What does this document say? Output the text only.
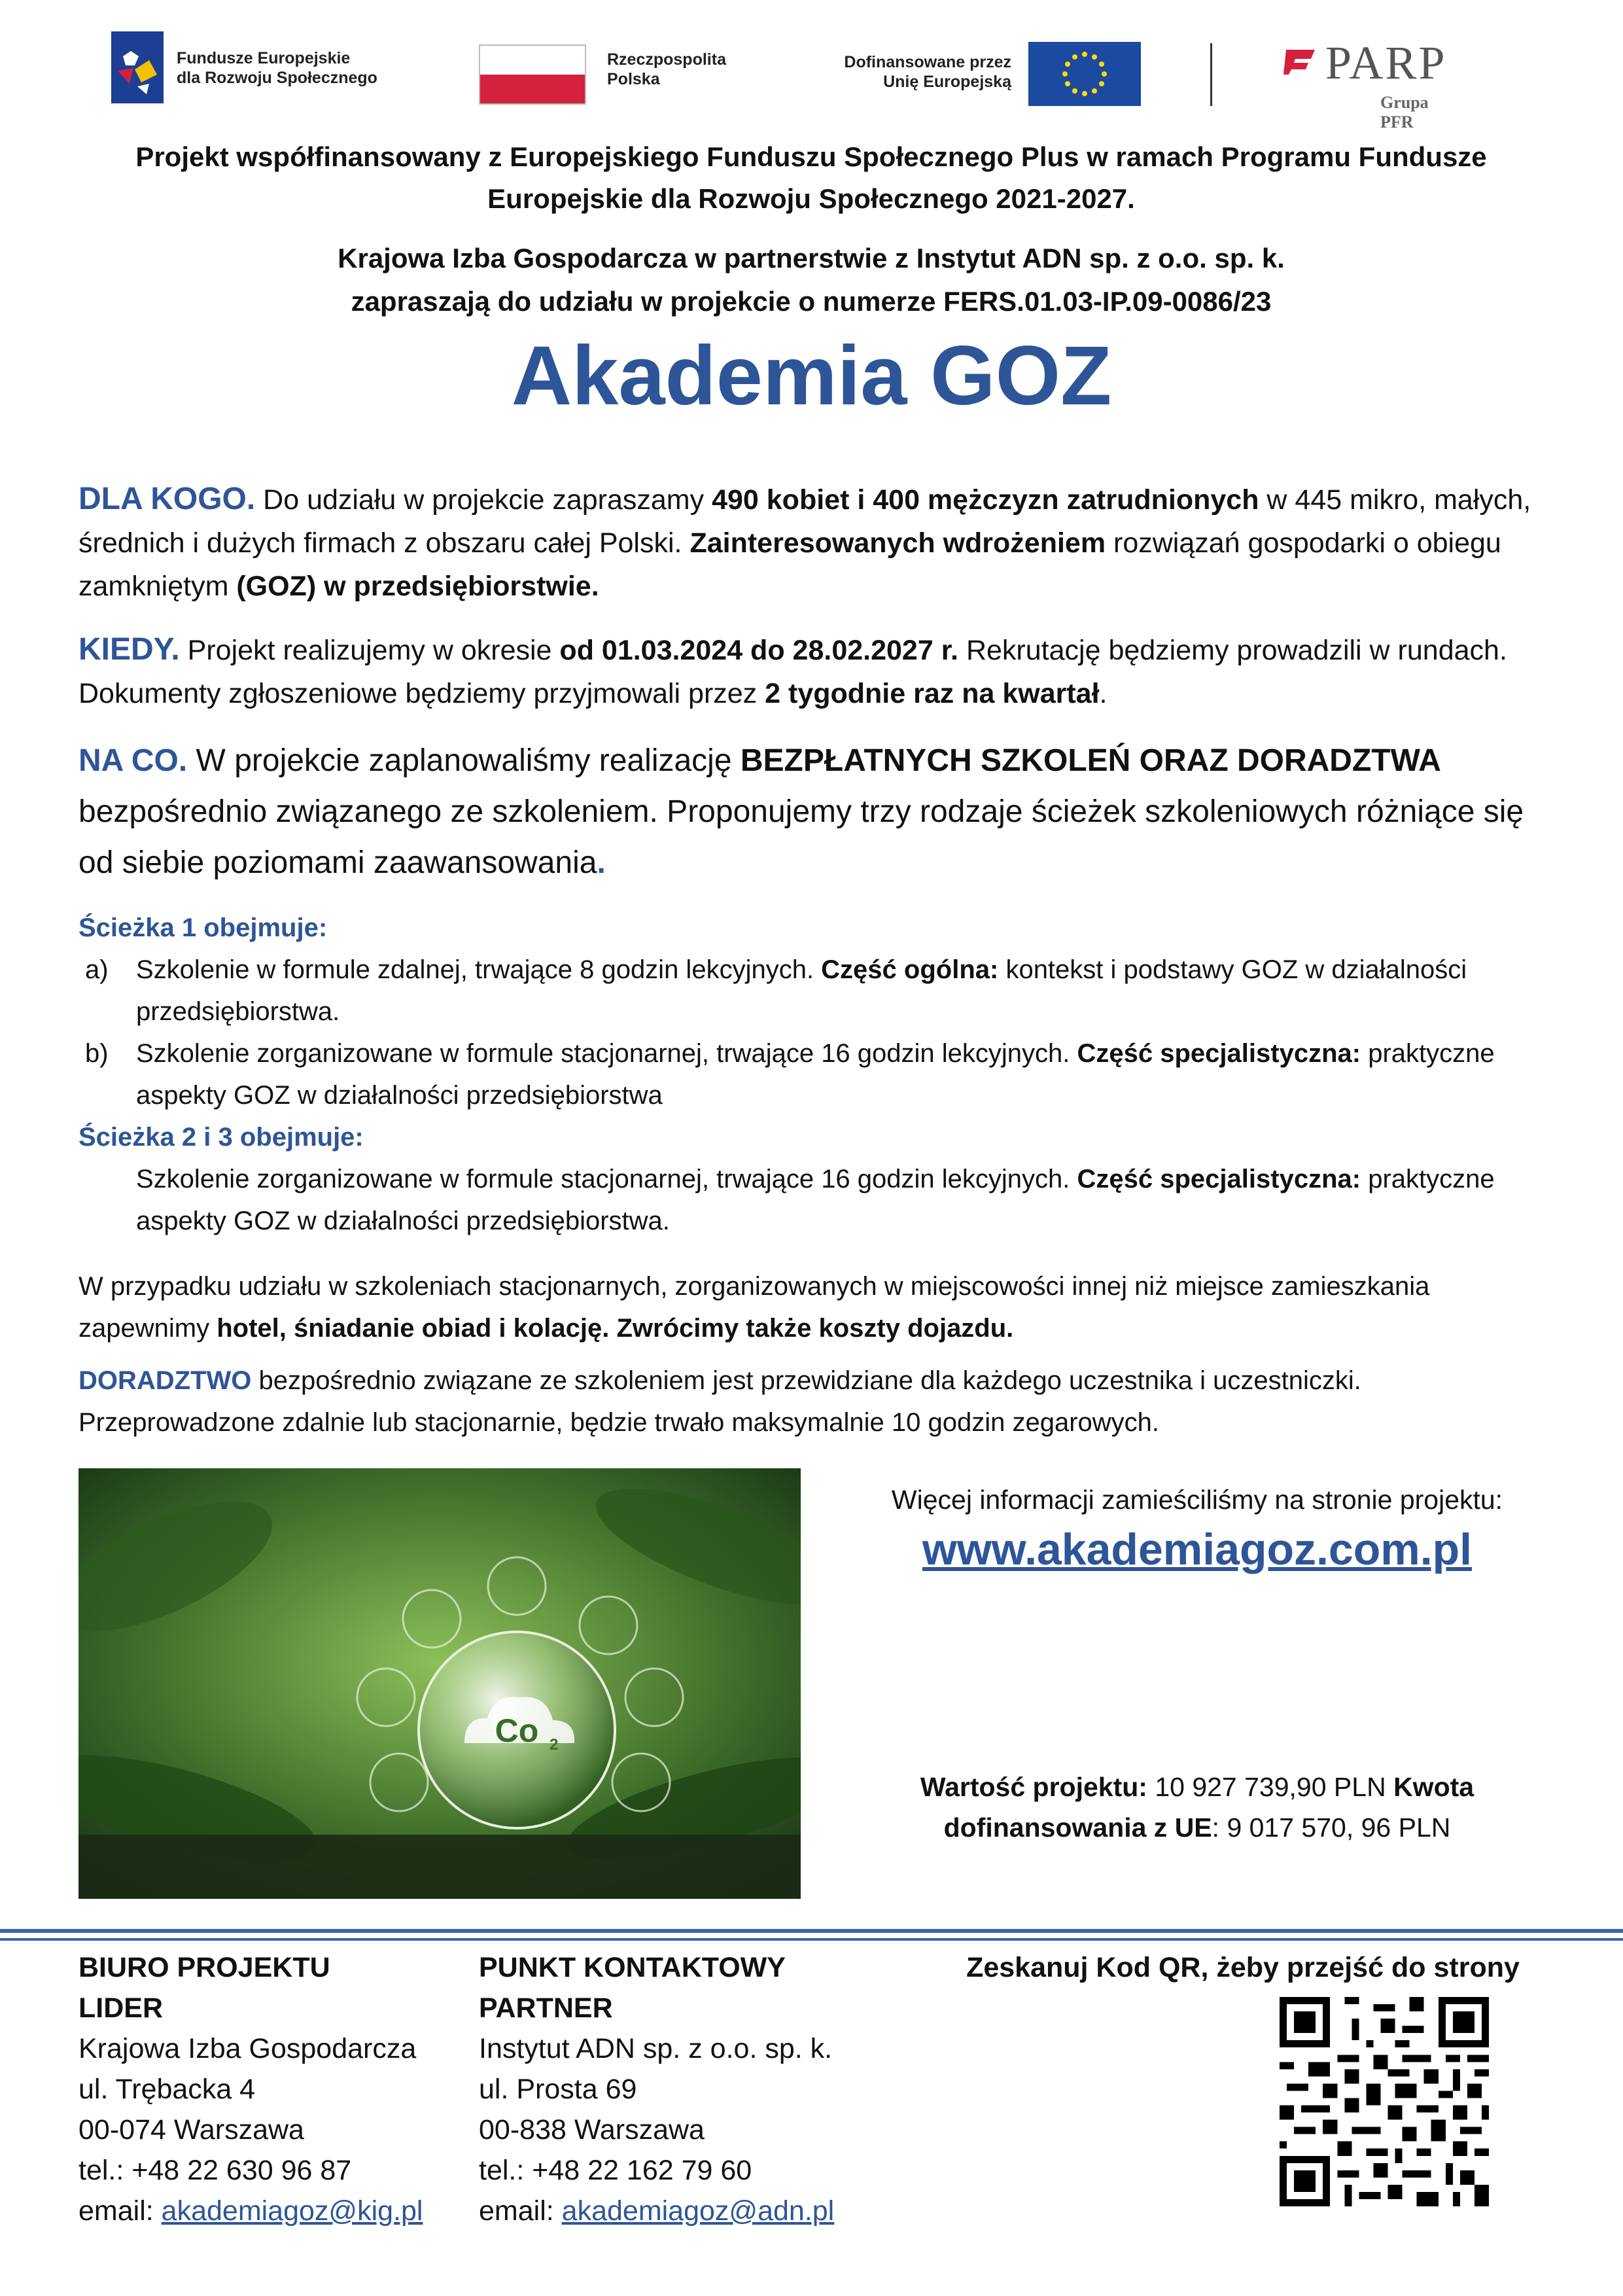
Fundusze Europejskie
dla Rozwoju Społecznego
Rzeczpospolita
Polska
Dofinansowane przez
Unię Europejską	PARP
Grupa PFR
Projekt współfinansowany z Europejskiego Funduszu Społecznego Plus w ramach Programu Fundusze
Europejskie dla Rozwoju Społecznego 2021-2027.
Krajowa Izba Gospodarcza w partnerstwie z Instytut ADN sp. z o.o. sp. k.
zapraszają do udziału w projekcie o numerze FERS.01.03-IP.09-0086/23
Akademia GOZ
DLA KOGO. Do udziału w projekcie zapraszamy 490 kobiet i 400 mężczyzn zatrudnionych w 445 mikro, małych, średnich i dużych firmach z obszaru całej Polski. Zainteresowanych wdrożeniem rozwiązań gospodarki o obiegu zamkniętym (GOZ) w przedsiębiorstwie.
KIEDY. Projekt realizujemy w okresie od 01.03.2024 do 28.02.2027 r. Rekrutację będziemy prowadzili w rundach. Dokumenty zgłoszeniowe będziemy przyjmowali przez 2 tygodnie raz na kwartał.
NA CO. W projekcie zaplanowaliśmy realizację BEZPŁATNYCH SZKOLEŃ ORAZ DORADZTWA bezpośrednio związanego ze szkoleniem. Proponujemy trzy rodzaje ścieżek szkoleniowych różniące się od siebie poziomami zaawansowania.
Ścieżka 1 obejmuje:
a) Szkolenie w formule zdalnej, trwające 8 godzin lekcyjnych. Część ogólna: kontekst i podstawy GOZ w działalności przedsiębiorstwa.
b) Szkolenie zorganizowane w formule stacjonarnej, trwające 16 godzin lekcyjnych. Część specjalistyczna: praktyczne aspekty GOZ w działalności przedsiębiorstwa
Ścieżka 2 i 3 obejmuje:
Szkolenie zorganizowane w formule stacjonarnej, trwające 16 godzin lekcyjnych. Część specjalistyczna: praktyczne aspekty GOZ w działalności przedsiębiorstwa.
W przypadku udziału w szkoleniach stacjonarnych, zorganizowanych w miejscowości innej niż miejsce zamieszkania zapewnimy hotel, śniadanie obiad i kolację. Zwrócimy także koszty dojazdu.
DORADZTWO bezpośrednio związane ze szkoleniem jest przewidziane dla każdego uczestnika i uczestniczki. Przeprowadzone zdalnie lub stacjonarnie, będzie trwało maksymalnie 10 godzin zegarowych.
Co 2
Więcej informacji zamieściliśmy na stronie projektu:
www.akademiagoz.com.pl
Wartość projektu: 10 927 739,90 PLN Kwota dofinansowania z UE: 9 017 570, 96 PLN
BIURO PROJEKTU
LIDER
Krajowa Izba Gospodarcza
ul. Trębacka 4
00-074 Warszawa
tel.: +48 22 630 96 87
email: akademiagoz@kig.pl
PUNKT KONTAKTOWY
PARTNER
Instytut ADN sp. z o.o. sp. k.
ul. Prosta 69
00-838 Warszawa
tel.: +48 22 162 79 60
email: akademiagoz@adn.pl
Zeskanuj Kod QR, żeby przejść do strony
